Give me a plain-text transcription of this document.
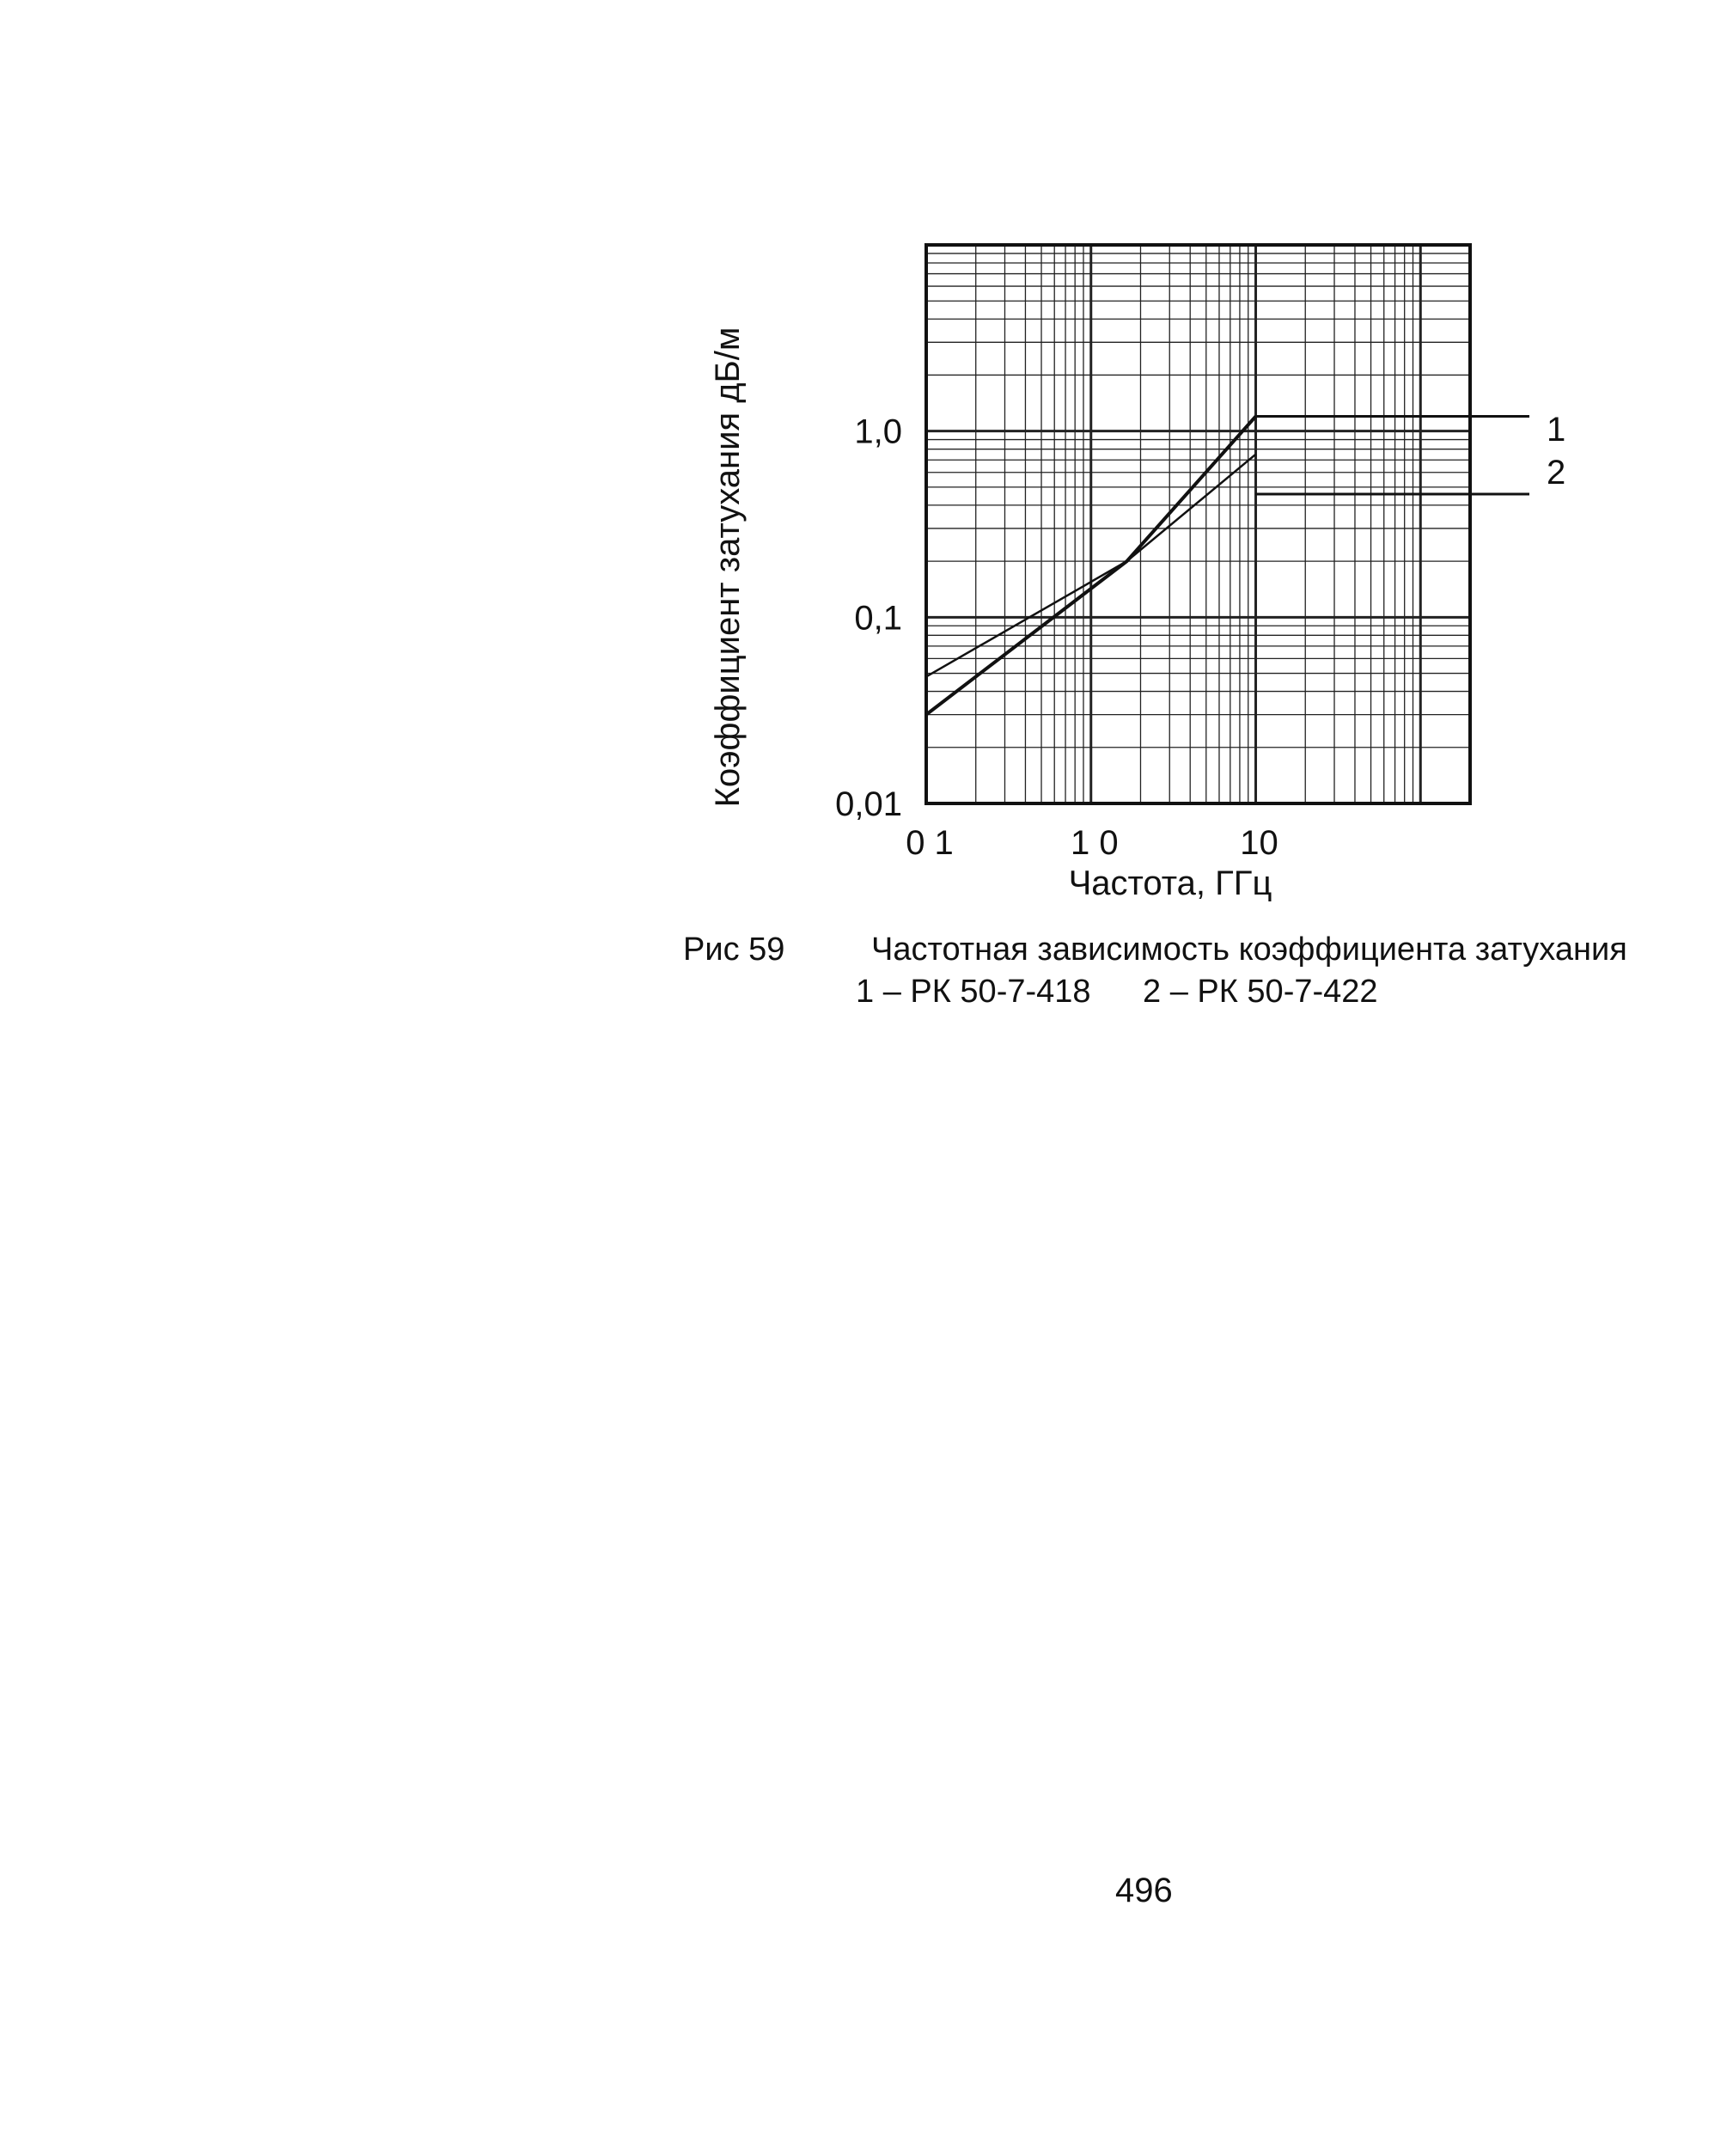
1
2
0,01
0,1
1,0
0 1	1 0	10
Коэффициент затухания дБ/м
Частота, ГГц
Рис 59	Частотная зависимость коэффициента затухания
1 – РК 50-7-418 2 – РК 50-7-422
496
